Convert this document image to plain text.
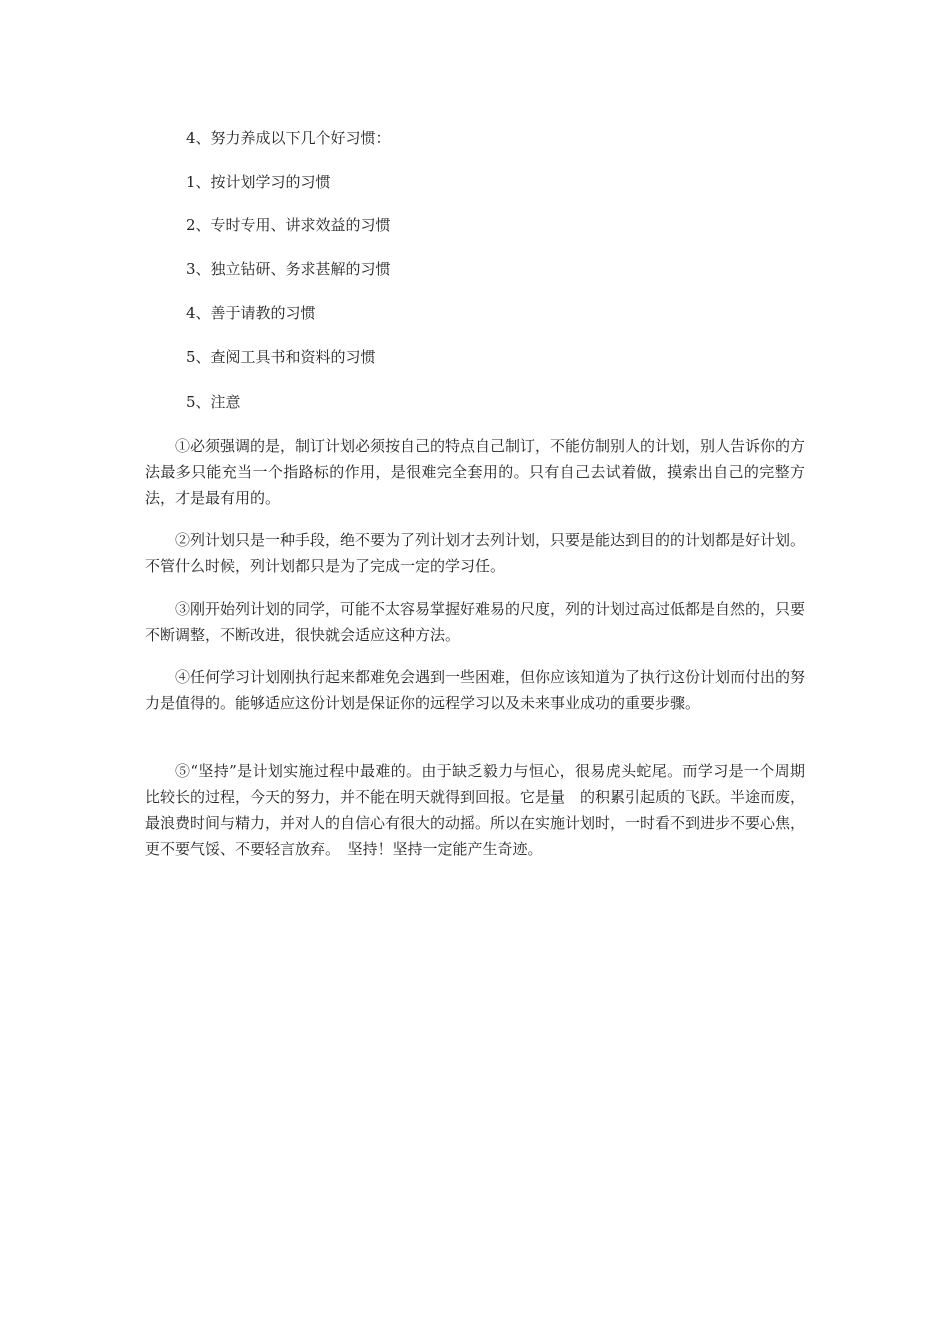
4、努力养成以下几个好习惯：
1、按计划学习的习惯
2、专时专用、讲求效益的习惯
3、独立钻研、务求甚解的习惯
4、善于请教的习惯
5、查阅工具书和资料的习惯
5、注意
①必须强调的是，制订计划必须按自己的特点自己制订，不能仿制别人的计划，别人告诉你的方法最多只能充当一个指路标的作用，是很难完全套用的。只有自己去试着做，摸索出自己的完整方法，才是最有用的。
②列计划只是一种手段，绝不要为了列计划才去列计划，只要是能达到目的的计划都是好计划。不管什么时候，列计划都只是为了完成一定的学习任。
③刚开始列计划的同学，可能不太容易掌握好难易的尺度，列的计划过高过低都是自然的，只要不断调整，不断改进，很快就会适应这种方法。
④任何学习计划刚执行起来都难免会遇到一些困难，但你应该知道为了执行这份计划而付出的努力是值得的。能够适应这份计划是保证你的远程学习以及未来事业成功的重要步骤。
⑤“坚持”是计划实施过程中最难的。由于缺乏毅力与恒心，很易虎头蛇尾。而学习是一个周期比较长的过程，今天的努力，并不能在明天就得到回报。它是量　的积累引起质的飞跃。半途而废，最浪费时间与精力，并对人的自信心有很大的动摇。所以在实施计划时，一时看不到进步不要心焦，更不要气馁、不要轻言放弃。　坚持！坚持一定能产生奇迹。
